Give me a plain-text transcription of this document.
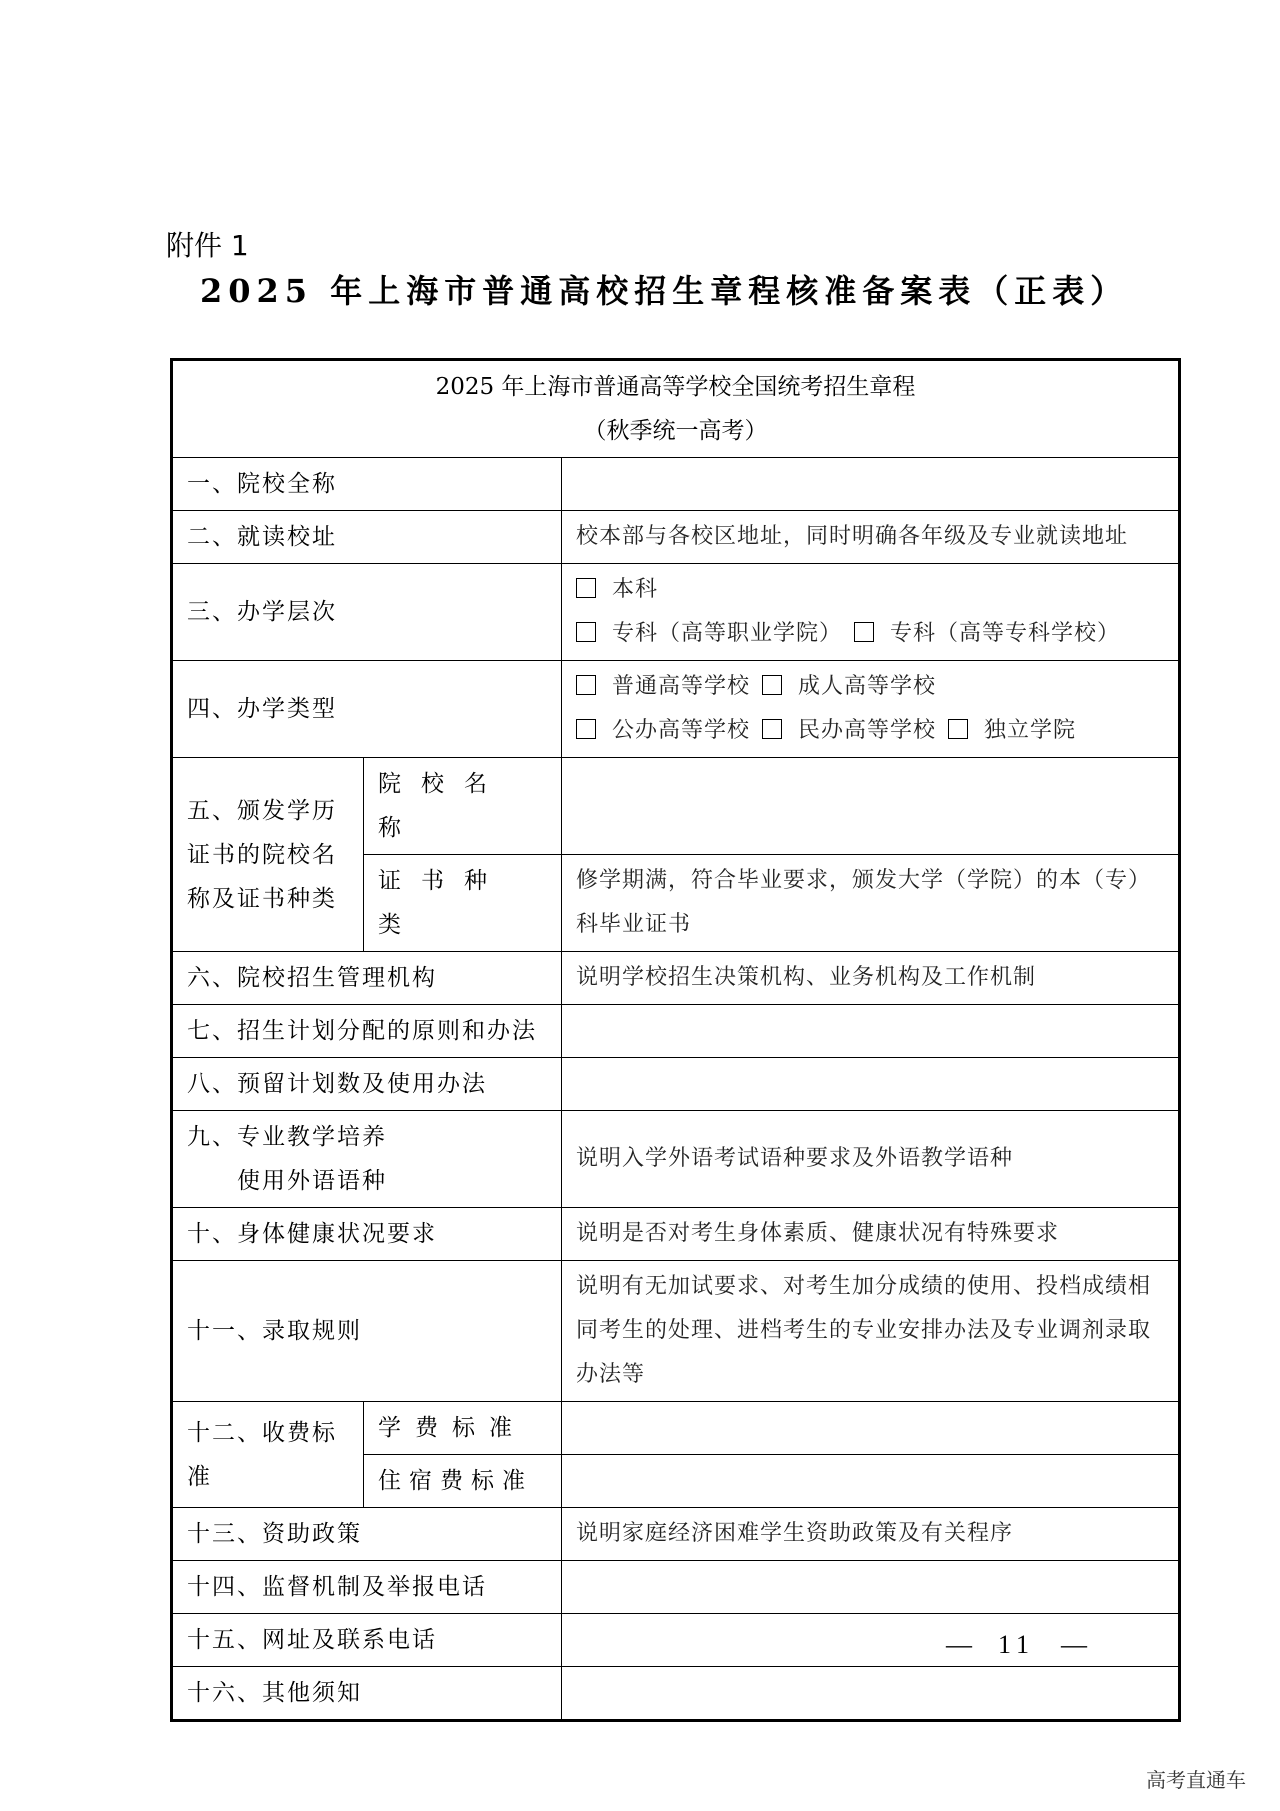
附件 1
2025 年上海市普通高校招生章程核准备案表（正表）
2025 年上海市普通高等学校全国统考招生章程
（秋季统一高考）		

一、院校全称		
二、就读校址		校本部与各校区地址，同时明确各年级及专业就读地址
三、办学层次		本科
专科（高等职业学院） 专科（高等专科学校）

四、办学类型		普通高等学校 成人高等学校
公办高等学校 民办高等学校 独立学院

五、颁发学历证书的院校名称及证书种类	院校名称	
	证书种类	修学期满，符合毕业要求，颁发大学（学院）的本（专）科毕业证书
六、院校招生管理机构		说明学校招生决策机构、业务机构及工作机制
七、招生计划分配的原则和办法		
八、预留计划数及使用办法		

九、专业教学培养
使用外语语种		说明入学外语考试语种要求及外语教学语种
十、身体健康状况要求		说明是否对考生身体素质、健康状况有特殊要求
十一、录取规则		说明有无加试要求、对考生加分成绩的使用、投档成绩相同考生的处理、进档考生的专业安排办法及专业调剂录取办法等
十二、收费标准	学费标准	
	住宿费标准	
十三、资助政策		说明家庭经济困难学生资助政策及有关程序
十四、监督机制及举报电话		
十五、网址及联系电话		
十六、其他须知		
— 11 —
高考直通车
